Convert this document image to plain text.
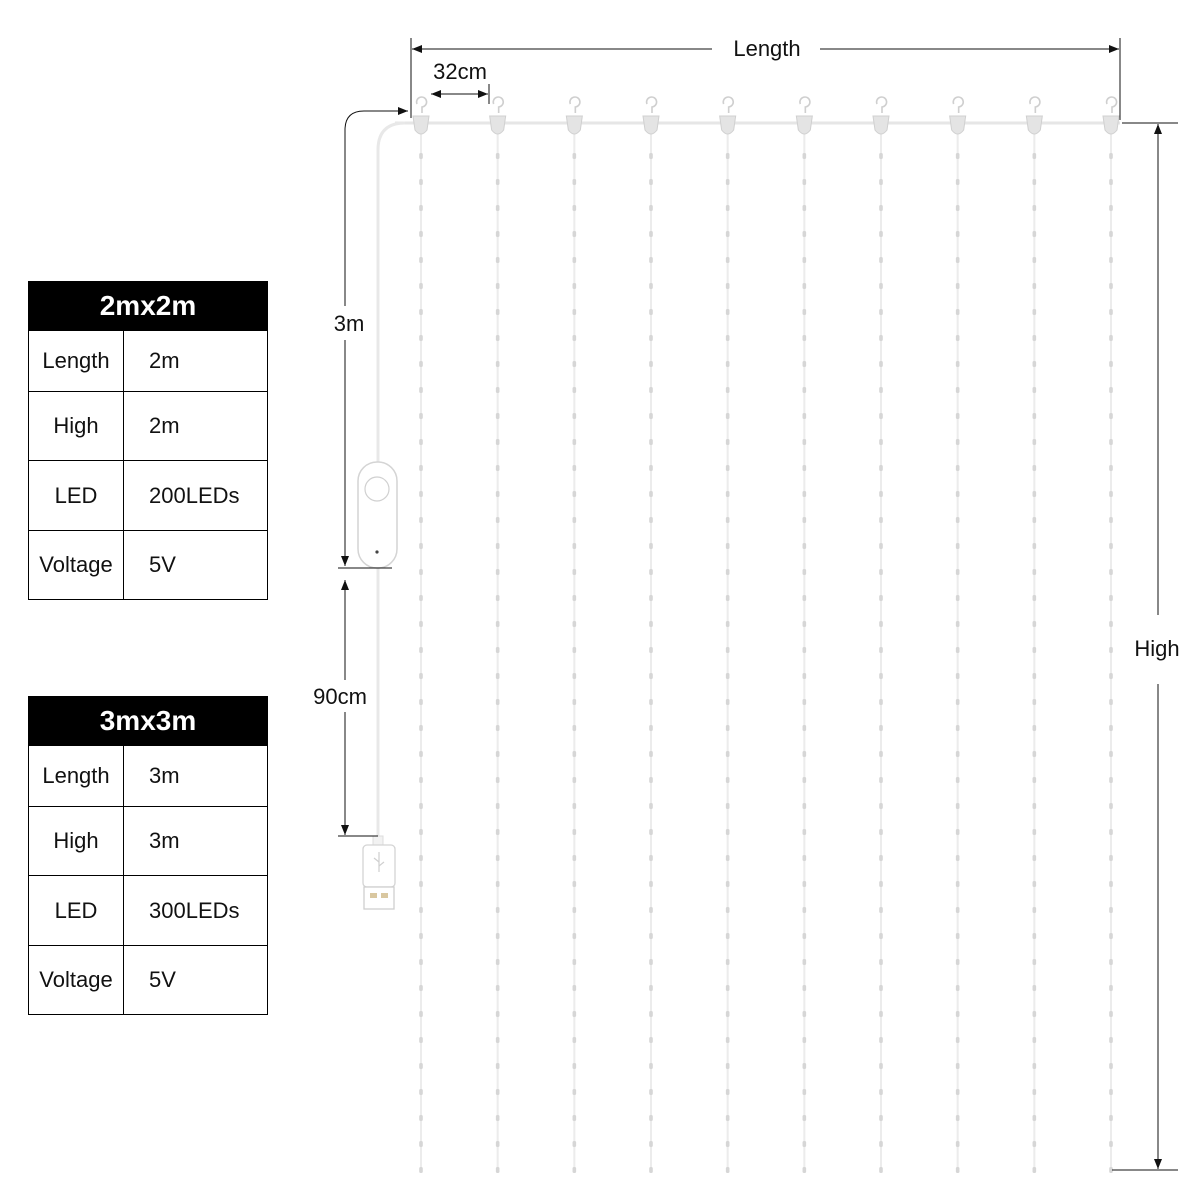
Length
32cm
3m
90cm
High
2mx2m	
Length	2m
High	2m
LED	200LEDs
Voltage	5V
3mx3m	
Length	3m
High	3m
LED	300LEDs
Voltage	5V
